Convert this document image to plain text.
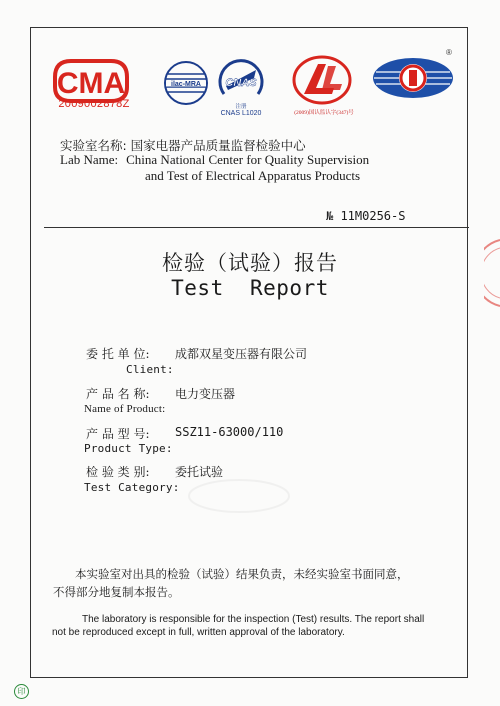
CMA
2009002878Z
ilac-MRA CNAS
注册
CNAS L1020	(2009)国认监认字(347)号
®
实验室名称: 国家电器产品质量监督检验中心
Lab Name: China National Center for Quality Supervision
and Test of Electrical Apparatus Products
№ 11M0256-S
检验（试验）报告
Test  Report
委 托 单 位: 成都双星变压器有限公司
Client:
产 品 名 称: 电力变压器
Name of Product:
产 品 型 号: SSZ11-63000/110
Product Type:
检 验 类 别: 委托试验
Test Category:
本实验室对出具的检验（试验）结果负责，未经实验室书面同意，
不得部分地复制本报告。
The laboratory is responsible for the inspection (Test) results. The report shall
not be reproduced except in full, written approval of the laboratory.
印
